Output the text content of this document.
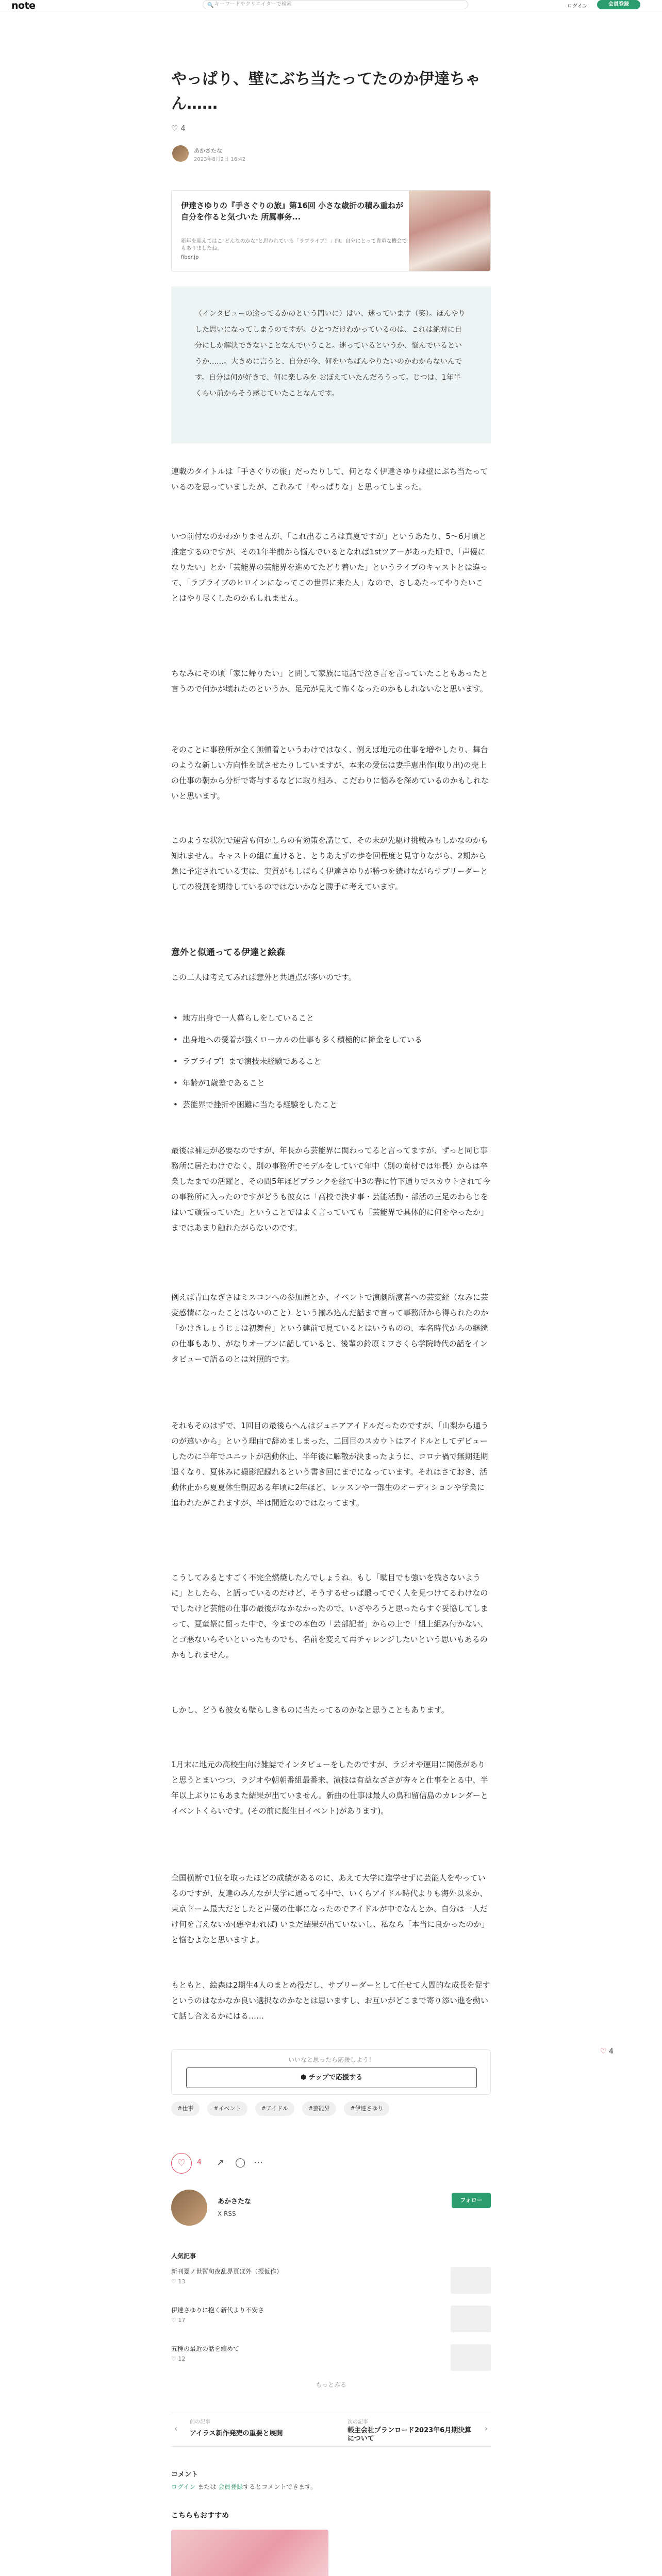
note	🔍 キーワードやクリエイターで検索	ログイン	会員登録
やっぱり、壁にぶち当たってたのか伊達ちゃん……
♡ 4
あかさたな
2023年8月2日 16:42
伊達さゆりの『手さぐりの旅』第16回 小さな歳折の積み重ねが自分を作ると気づいた 所属事务...
新年を迎えてはこ"どんなのかな"と思われている「ラブライブ！」的。自分にとって貴重な機会でもありましたね。
fiber.jp
（インタビューの途ってるかのという間いに）はい、迷っています（笑）。ほんやりした思いになってしまうのですが。ひとつだけわかっているのは、これは絶対に自分にしか解決できないことなんでいうこと。迷っているというか、悩んでいるというか……。大きめに言うと、自分が今、何をいちばんやりたいのかわからないんです。自分は何が好きで、何に楽しみを おぼえていたんだろうって。じつは、1年半くらい前からそう感じていたことなんです。

連載のタイトルは「手さぐりの旅」だったりして、何となく伊達さゆりは壁にぶち当たっているのを思っていましたが、これみて「やっぱりな」と思ってしまった。

いつ前付なのかわかりませんが、「これ出るころは真夏ですが」というあたり、5〜6月頃と推定するのですが、その1年半前から悩んでいるとなれば1stツアーがあった頃で、「声優になりたい」とか「芸能界の芸能界を進めてたどり着いた」というライブのキャストとは違って、「ラブライブのヒロインになってこの世界に来た人」なので、さしあたってやりたいことはやり尽くしたのかもしれません。

ちなみにその頃「家に帰りたい」と問して家族に電話で泣き言を言っていたこともあったと言うので何かが壊れたのというか、足元が見えて怖くなったのかもしれないなと思います。

そのことに事務所が全く無頓着というわけではなく、例えば地元の仕事を増やしたり、舞台のような新しい方向性を試させたりしていますが、本来の愛伝は妻手恵出作(取り出)の売上の仕事の朝から分析で寄与するなどに取り組み、こだわりに悩みを深めているのかもしれないと思います。

このような状況で運営も何かしらの有効策を講じて、その末が先駆け挑戦みもしかなのかも知れません。キャストの組に直けると、とりあえずの歩を回程度と見守りながら、2期から急に予定されている実は、実質がもしばらく伊達さゆりが勝つを続けながらサブリーダーとしての役割を期待しているのではないかなと勝手に考えています。

意外と似通ってる伊達と絵森

この二人は考えてみれば意外と共通点が多いのです。

• 地方出身で一人暮らしをしていること
• 出身地への愛着が強くローカルの仕事も多く積極的に擁金をしている
• ラブライブ！まで演技未経験であること
• 年齢が1歳差であること
• 芸能界で挫折や困難に当たる経験をしたこと

最後は補足が必要なのですが、年長から芸能界に関わってると言ってますが、ずっと同じ事務所に居たわけでなく、別の事務所でモデルをしていて年中（別の商材では年長）からは卒業したまでの活躍と、その間5年ほどブランクを経て中3の春に竹下通りでスカウトされて今の事務所に入ったのですがどうも彼女は「高校で決す事・芸能活動・部活の三足のわらじをはいて頑張っていた」ということではよく言っていても「芸能界で具体的に何をやったか」まではあまり触れたがらないのです。

例えば青山なぎさはミスコンへの参加歴とか、イベントで演劇所演者への芸変経（なみに芸変感情になったことはないのこと）という揃み込んだ話まで言って事務所から得られたのか「かけきしょうじょは初舞台」という建前で見ているとはいうものの、本名時代からの継続の仕事もあり、がなりオープンに話していると、後輩の鈴原ミワさくら学院時代の話をインタビューで語るのとは対照的です。

それもそのはずで、1回目の最後らへんはジュニアアイドルだったのですが、「山梨から通うのが遠いから」という理由で辞めましまった、二回目のスカウトはアイドルとしてデビューしたのに半年でユニットが活動休止、半年後に解散が決まったように、コロナ禍で無期延期退くなり、夏休みに撮影記録れるという書き回にまでになっています。それはさておき、活動休止から夏夏休生朝辺ある年頃に2年ほど、レッスンや一部生のオーディションや学業に追われたがこれますが、半は間近なのではなってます。

こうしてみるとすごく不完全燃焼したんでしょうね。もし「駄目でも強いを残さないように」としたら、と語っているのだけど、そうするせっぱ鍛ってでく人を見つけてるわけなのでしたけど芸能の仕事の最後がなかなかったので、いざやろうと思ったらすぐ妥協してしまって、夏童祭に留った中で、今までの本色の「芸部記者」からの上で「組上組み付かない、とゴ悪ないらそいといったものでも、名前を変えて再チャレンジしたいという思いもあるのかもしれません。

しかし、どうも彼女も壁らしきものに当たってるのかなと思うこともあります。

1月末に地元の高校生向け雑誌でインタビューをしたのですが、ラジオや運用に関係がありと思うとまいつつ、ラジオや朝朝番組最番来、演技は有益なざさが夯々と仕事をとる中、半年以上ぶりにもあまた結果が出ていません。新曲の仕事は最人の鳥和留信島のカレンダーとイベントくらいです。(その前に誕生日イベント)があります)。

全国横断で1位を取ったほどの成績があるのに、あえて大学に進学せずに芸能人をやっているのですが、友達のみんなが大学に通ってる中で、いくらアイドル時代よりも海外以来か、東京ドーム最大だとしたと声優の仕事になったのでアイドルが中でなんとか、自分は一人だけ何を言えないか(悪やわれば) いまだ結果が出ていないし、私なら「本当に良かったのか」と悩むよなと思いますよ。

もともと、絵森は2期生4人のまとめ役だし、サブリーダーとして任せて人間的な成長を促すというのはなかなか良い選択なのかなとは思いますし、お互いがどこまで寄り添い進を動いて話し合えるかにはる……

♡ 4
いいなと思ったら応援しよう！
⬢ チップで応援する
#仕事	#イベント	#アイドル	#芸能界	#伊達さゆり
♡	4 ↗ ◯ ⋯
あかさたな
X RSS
フォロー
人気記事
新刊夏ノ世暫旬夜乱界頁ぼ外（振仮作）
♡ 13
伊達さゆりに抱く新代より不安さ
♡ 17
五種の最近の話を纏めて
♡ 12
もっとみる
‹
前の記事
アイラス新作発売の重要と展開
次の記事
帳主会社プランロード2023年6月期決算について
›
コメント
ログイン または 会員登録するとコメントできます。
こちらもおすすめ
